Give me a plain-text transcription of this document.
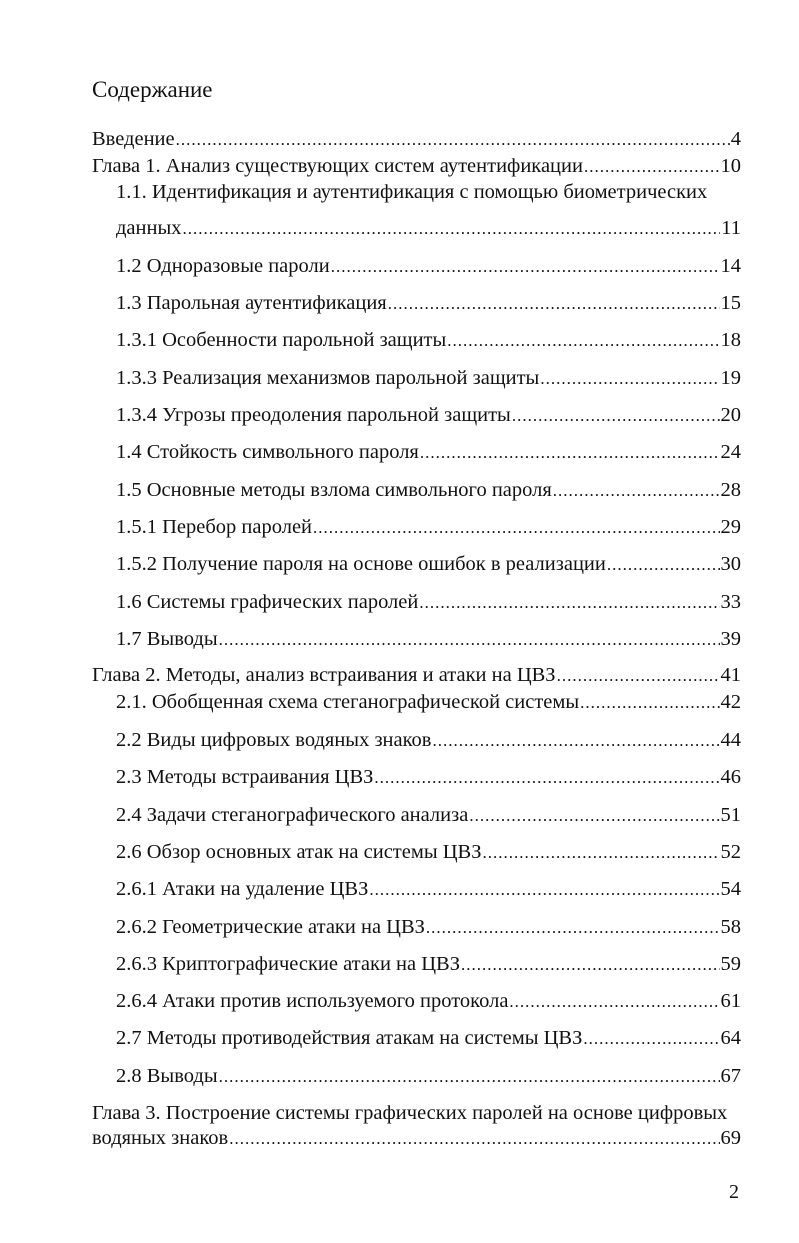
Содержание
Введение .....	4
Глава 1. Анализ существующих систем аутентификации .....	10
1.1. Идентификация и аутентификация с помощью биометрических
данных .....	11
1.2 Одноразовые пароли .....	14
1.3 Парольная аутентификация .....	15
1.3.1 Особенности парольной защиты .....	18
1.3.3 Реализация механизмов парольной защиты .....	19
1.3.4 Угрозы преодоления парольной защиты .....	20
1.4 Стойкость символьного пароля .....	24
1.5 Основные методы взлома символьного пароля .....	28
1.5.1 Перебор паролей .....	29
1.5.2 Получение пароля на основе ошибок в реализации .....	30
1.6 Системы графических паролей .....	33
1.7 Выводы .....	39
Глава 2. Методы, анализ встраивания и атаки на ЦВЗ .....	41
2.1. Обобщенная схема стеганографической системы .....	42
2.2 Виды цифровых водяных знаков .....	44
2.3 Методы встраивания ЦВЗ .....	46
2.4 Задачи стеганографического анализа .....	51
2.6 Обзор основных атак на системы ЦВЗ .....	52
2.6.1 Атаки на удаление ЦВЗ .....	54
2.6.2 Геометрические атаки на ЦВЗ .....	58
2.6.3 Криптографические атаки на ЦВЗ .....	59
2.6.4 Атаки против используемого протокола .....	61
2.7 Методы противодействия атакам на системы ЦВЗ .....	64
2.8 Выводы .....	67
Глава 3. Построение системы графических паролей на основе цифровых
водяных знаков .....	69
2
